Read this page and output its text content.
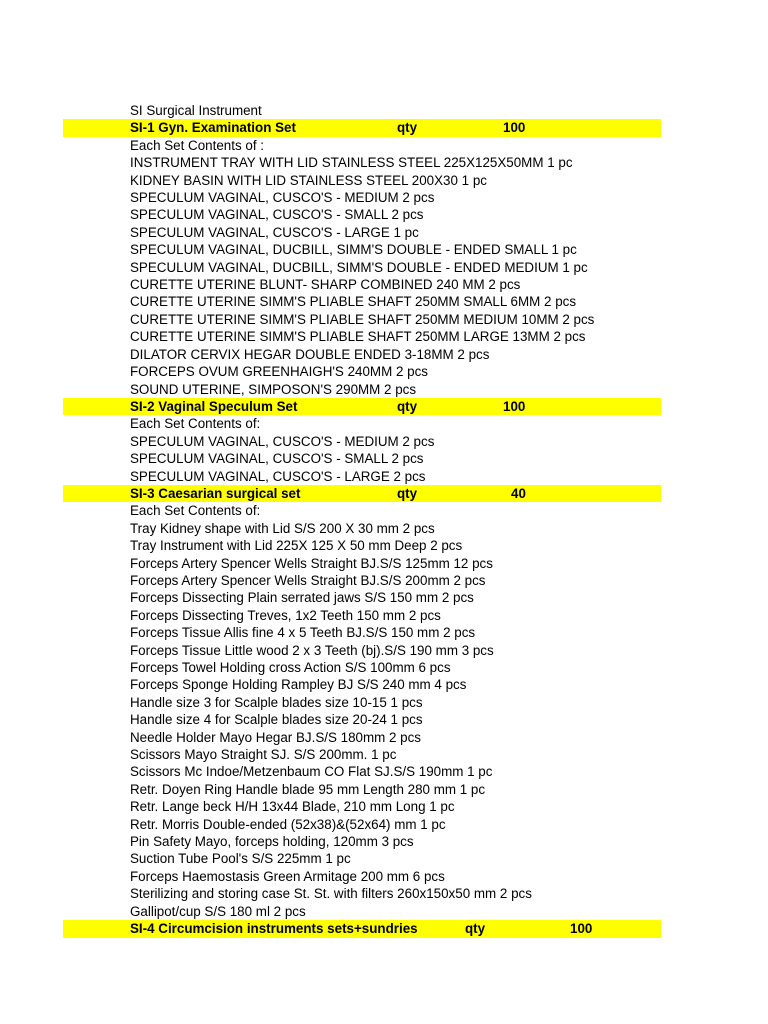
SI Surgical Instrument
SI-1 Gyn. Examination Set	qty	100
Each Set Contents of :
INSTRUMENT TRAY WITH LID STAINLESS STEEL 225X125X50MM 1 pc
KIDNEY BASIN WITH LID STAINLESS STEEL 200X30 1 pc
SPECULUM VAGINAL, CUSCO'S - MEDIUM 2 pcs
SPECULUM VAGINAL, CUSCO'S - SMALL 2 pcs
SPECULUM VAGINAL, CUSCO'S - LARGE 1 pc
SPECULUM VAGINAL, DUCBILL, SIMM'S DOUBLE - ENDED SMALL 1 pc
SPECULUM VAGINAL, DUCBILL, SIMM'S DOUBLE - ENDED MEDIUM 1 pc
CURETTE UTERINE BLUNT- SHARP COMBINED 240 MM 2 pcs
CURETTE UTERINE SIMM'S PLIABLE SHAFT 250MM SMALL 6MM 2 pcs
CURETTE UTERINE SIMM'S PLIABLE SHAFT 250MM MEDIUM 10MM 2 pcs
CURETTE UTERINE SIMM'S PLIABLE SHAFT 250MM LARGE 13MM 2 pcs
DILATOR CERVIX HEGAR DOUBLE ENDED 3-18MM 2 pcs
FORCEPS OVUM GREENHAIGH'S 240MM 2 pcs
SOUND UTERINE, SIMPOSON'S 290MM 2 pcs
SI-2 Vaginal Speculum Set	qty	100
Each Set Contents of:
SPECULUM VAGINAL, CUSCO'S - MEDIUM 2 pcs
SPECULUM VAGINAL, CUSCO'S - SMALL 2 pcs
SPECULUM VAGINAL, CUSCO'S - LARGE 2 pcs
SI-3 Caesarian surgical set	qty	40
Each Set Contents of:
Tray Kidney shape with Lid S/S 200 X 30 mm 2 pcs
Tray Instrument with Lid 225X 125 X 50 mm Deep 2 pcs
Forceps Artery Spencer Wells Straight BJ.S/S 125mm 12 pcs
Forceps Artery Spencer Wells Straight BJ.S/S 200mm 2 pcs
Forceps Dissecting Plain serrated jaws S/S 150 mm 2 pcs
Forceps Dissecting Treves, 1x2 Teeth 150 mm 2 pcs
Forceps Tissue Allis fine 4 x 5 Teeth BJ.S/S 150 mm 2 pcs
Forceps Tissue Little wood 2 x 3 Teeth (bj).S/S 190 mm 3 pcs
Forceps Towel Holding cross Action S/S 100mm 6 pcs
Forceps Sponge Holding Rampley BJ S/S 240 mm 4 pcs
Handle size 3 for Scalple blades size 10-15 1 pcs
Handle size 4 for Scalple blades size 20-24 1 pcs
Needle Holder Mayo Hegar BJ.S/S 180mm 2 pcs
Scissors Mayo Straight SJ. S/S 200mm. 1 pc
Scissors Mc Indoe/Metzenbaum CO Flat SJ.S/S 190mm 1 pc
Retr. Doyen Ring Handle blade 95 mm Length 280 mm 1 pc
Retr. Lange beck H/H 13x44 Blade, 210 mm Long 1 pc
Retr. Morris Double-ended (52x38)&(52x64) mm 1 pc
Pin Safety Mayo, forceps holding, 120mm 3 pcs
Suction Tube Pool's S/S 225mm 1 pc
Forceps Haemostasis Green Armitage 200 mm 6 pcs
Sterilizing and storing case St. St. with filters 260x150x50 mm 2 pcs
Gallipot/cup S/S 180 ml 2 pcs
SI-4 Circumcision instruments sets+sundries	qty	100
